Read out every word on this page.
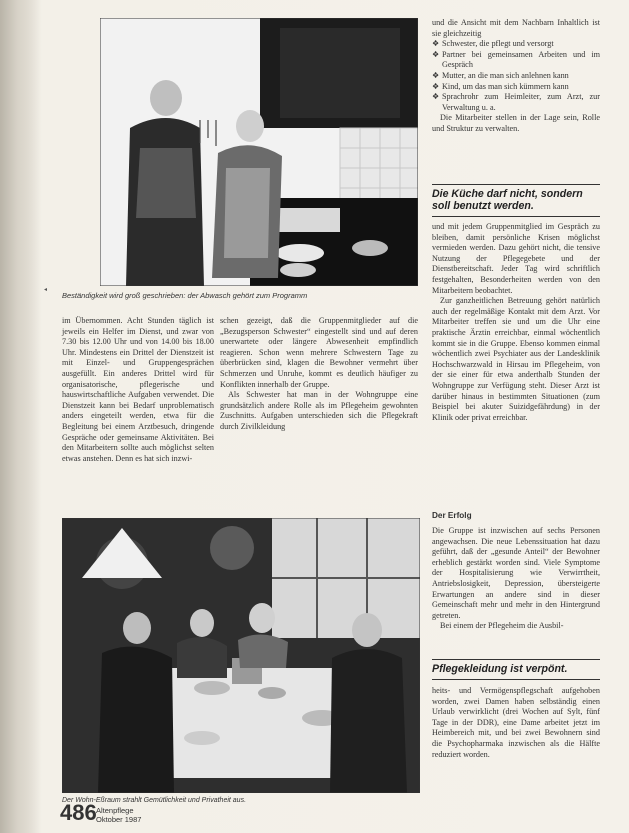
◂
Beständigkeit wird groß geschrieben: der Abwasch gehört zum Programm

im Übernommen. Acht Stunden täglich ist jeweils ein Helfer im Dienst, und zwar von 7.30 bis 12.00 Uhr und von 14.00 bis 18.00 Uhr. Mindestens ein Drittel der Dienstzeit ist mit Einzel- und Gruppengesprächen ausgefüllt. Ein anderes Drittel wird für organisatorische, pflegerische und hauswirtschaftliche Aufgaben verwendet. Die Dienstzeit kann bei Bedarf unproblematisch anders eingeteilt werden, etwa für die Begleitung bei einem Arztbesuch, dringende Gespräche oder gemeinsame Aktivitäten. Bei den Mitarbeitern sollte auch möglichst selten etwas anstehen. Denn es hat sich inzwi-

schen gezeigt, daß die Gruppenmitglieder auf die „Bezugsperson Schwester“ eingestellt sind und auf deren unerwartete oder längere Abwesenheit empfindlich reagieren. Schon wenn mehrere Schwestern Tage zu überbrücken sind, klagen die Bewohner vermehrt über Schmerzen und Unruhe, kommt es deutlich häufiger zu Konflikten innerhalb der Gruppe.

Als Schwester hat man in der Wohngruppe eine grundsätzlich andere Rolle als im Pflegeheim gewohnten Zuschnitts. Aufgaben unterschieden sich die Pflegekraft durch Zivilkleidung

und die Ansicht mit dem Nachbarn Inhaltlich ist sie gleichzeitig

❖ Schwester, die pflegt und versorgt
❖ Partner bei gemeinsamen Arbeiten und im Gespräch
❖ Mutter, an die man sich anlehnen kann
❖ Kind, um das man sich kümmern kann
❖ Sprachrohr zum Heimleiter, zum Arzt, zur Verwaltung u. a.

Die Mitarbeiter stellen in der Lage sein, Rolle und Struktur zu verwalten.

Die Küche darf nicht, sondern soll benutzt werden.

und mit jedem Gruppenmitglied im Gespräch zu bleiben, damit persönliche Krisen möglichst vermieden werden. Dazu gehört nicht, die tensive Nutzung der Pflegegebete und der Dienstbereitschaft. Jeder Tag wird schriftlich festgehalten, Besonderheiten werden von den Mitarbeitern beobachtet.

Zur ganzheitlichen Betreuung gehört natürlich auch der regelmäßige Kontakt mit dem Arzt. Vor Mitarbeiter treffen sie und um die Uhr eine praktische Ärztin erreichbar, einmal wöchentlich kommt sie in die Gruppe. Ebenso kommen einmal wöchentlich zwei Psychiater aus der Landesklinik Hochschwarzwald in Hirsau im Pflegeheim, von der sie einer für etwa anderthalb Stunden der Wohngruppe zur Verfügung steht. Dieser Arzt ist darüber hinaus in bestimmten Situationen (zum Beispiel bei akuter Suizidgefährdung) in der Klinik oder privat erreichbar.

Der Erfolg

Die Gruppe ist inzwischen auf sechs Personen angewachsen. Die neue Lebenssituation hat dazu geführt, daß der „gesunde Anteil“ der Bewohner erheblich gestärkt worden sind. Viele Symptome der Hospitalisierung wie Verwirrtheit, Antriebslosigkeit, Depression, übersteigerte Erwartungen an andere sind in dieser Gemeinschaft mehr und mehr in den Hintergrund getreten.

Bei einem der Pflegeheim die Ausbil-

Pflegekleidung ist verpönt.

heits- und Vermögenspflegschaft aufgehoben worden, zwei Damen haben selbständig einen Urlaub verwirklicht (drei Wochen auf Sylt, fünf Tage in der DDR), eine Dame arbeitet jetzt im Heimbereich mit, und bei zwei Bewohnern sind die Psychopharmaka inzwischen als die Hälfte reduziert worden.

Der Wohn-Eßraum strahlt Gemütlichkeit und Privatheit aus.
486 Altenpflege
Oktober 1987
